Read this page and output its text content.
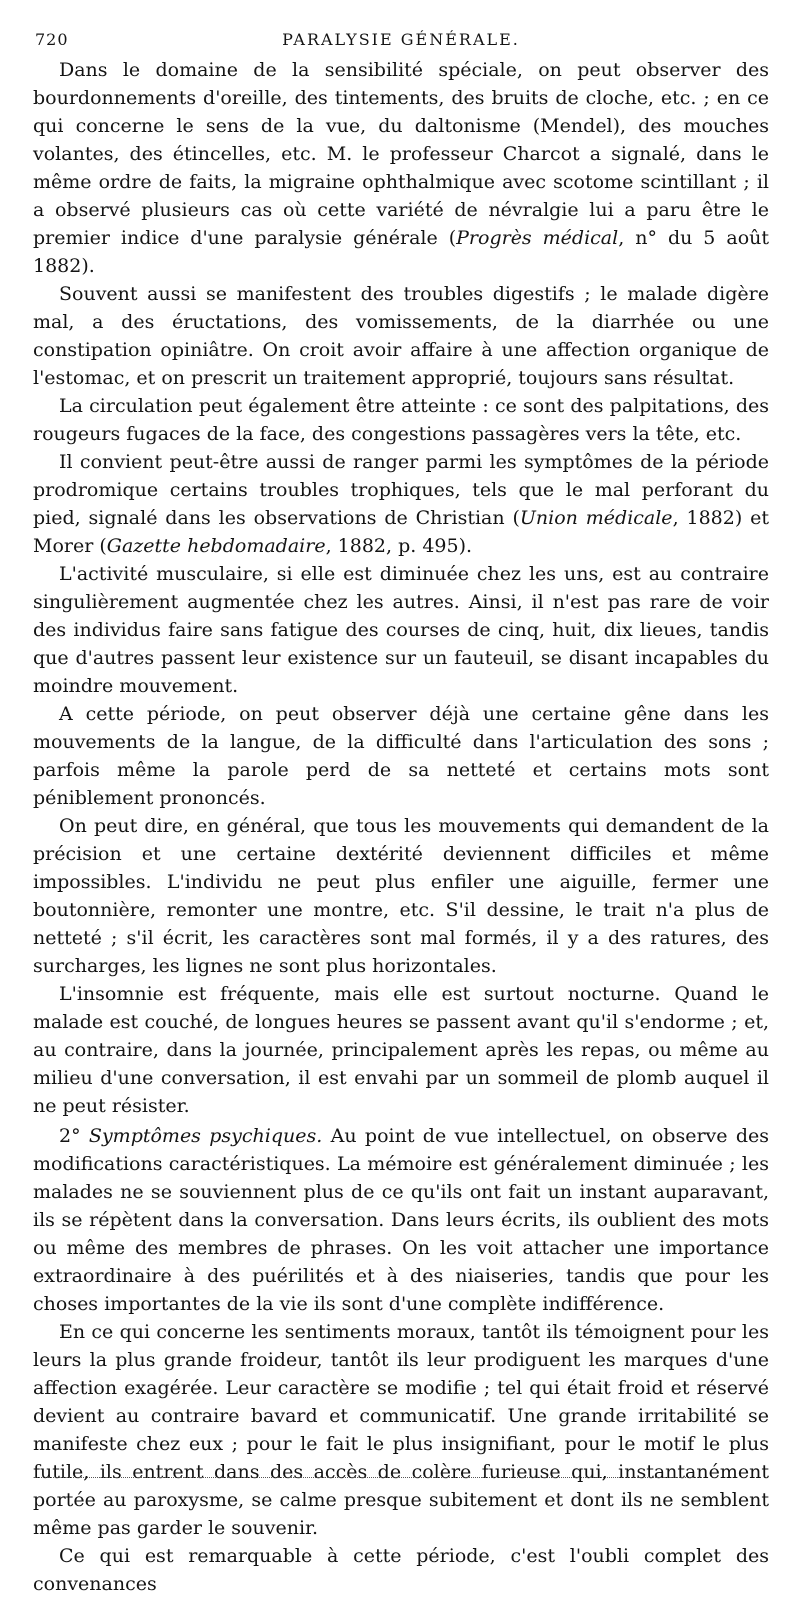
720	PARALYSIE GÉNÉRALE.

Dans le domaine de la sensibilité spéciale, on peut observer des bourdonnements d'oreille, des tintements, des bruits de cloche, etc. ; en ce qui concerne le sens de la vue, du daltonisme (Mendel), des mouches volantes, des étincelles, etc. M. le professeur Charcot a signalé, dans le même ordre de faits, la migraine ophthalmique avec scotome scintillant ; il a observé plusieurs cas où cette variété de névralgie lui a paru être le premier indice d'une paralysie générale (Progrès médical, n° du 5 août 1882).

Souvent aussi se manifestent des troubles digestifs ; le malade digère mal, a des éructations, des vomissements, de la diarrhée ou une constipation opiniâtre. On croit avoir affaire à une affection organique de l'estomac, et on prescrit un traitement approprié, toujours sans résultat.

La circulation peut également être atteinte : ce sont des palpitations, des rougeurs fugaces de la face, des congestions passagères vers la tête, etc.

Il convient peut-être aussi de ranger parmi les symptômes de la période prodromique certains troubles trophiques, tels que le mal perforant du pied, signalé dans les observations de Christian (Union médicale, 1882) et Morer (Gazette hebdomadaire, 1882, p. 495).

L'activité musculaire, si elle est diminuée chez les uns, est au contraire singulièrement augmentée chez les autres. Ainsi, il n'est pas rare de voir des individus faire sans fatigue des courses de cinq, huit, dix lieues, tandis que d'autres passent leur existence sur un fauteuil, se disant incapables du moindre mouvement.

A cette période, on peut observer déjà une certaine gêne dans les mouvements de la langue, de la difficulté dans l'articulation des sons ; parfois même la parole perd de sa netteté et certains mots sont péniblement prononcés.

On peut dire, en général, que tous les mouvements qui demandent de la précision et une certaine dextérité deviennent difficiles et même impossibles. L'individu ne peut plus enfiler une aiguille, fermer une boutonnière, remonter une montre, etc. S'il dessine, le trait n'a plus de netteté ; s'il écrit, les caractères sont mal formés, il y a des ratures, des surcharges, les lignes ne sont plus horizontales.

L'insomnie est fréquente, mais elle est surtout nocturne. Quand le malade est couché, de longues heures se passent avant qu'il s'endorme ; et, au contraire, dans la journée, principalement après les repas, ou même au milieu d'une conversation, il est envahi par un sommeil de plomb auquel il ne peut résister.

2° Symptômes psychiques. Au point de vue intellectuel, on observe des modifications caractéristiques. La mémoire est généralement diminuée ; les malades ne se souviennent plus de ce qu'ils ont fait un instant auparavant, ils se répètent dans la conversation. Dans leurs écrits, ils oublient des mots ou même des membres de phrases. On les voit attacher une importance extraordinaire à des puérilités et à des niaiseries, tandis que pour les choses importantes de la vie ils sont d'une complète indifférence.

En ce qui concerne les sentiments moraux, tantôt ils témoignent pour les leurs la plus grande froideur, tantôt ils leur prodiguent les marques d'une affection exagérée. Leur caractère se modifie ; tel qui était froid et réservé devient au contraire bavard et communicatif. Une grande irritabilité se manifeste chez eux ; pour le fait le plus insignifiant, pour le motif le plus futile, ils entrent dans des accès de colère furieuse qui, instantanément portée au paroxysme, se calme presque subitement et dont ils ne semblent même pas garder le souvenir.

Ce qui est remarquable à cette période, c'est l'oubli complet des convenances
